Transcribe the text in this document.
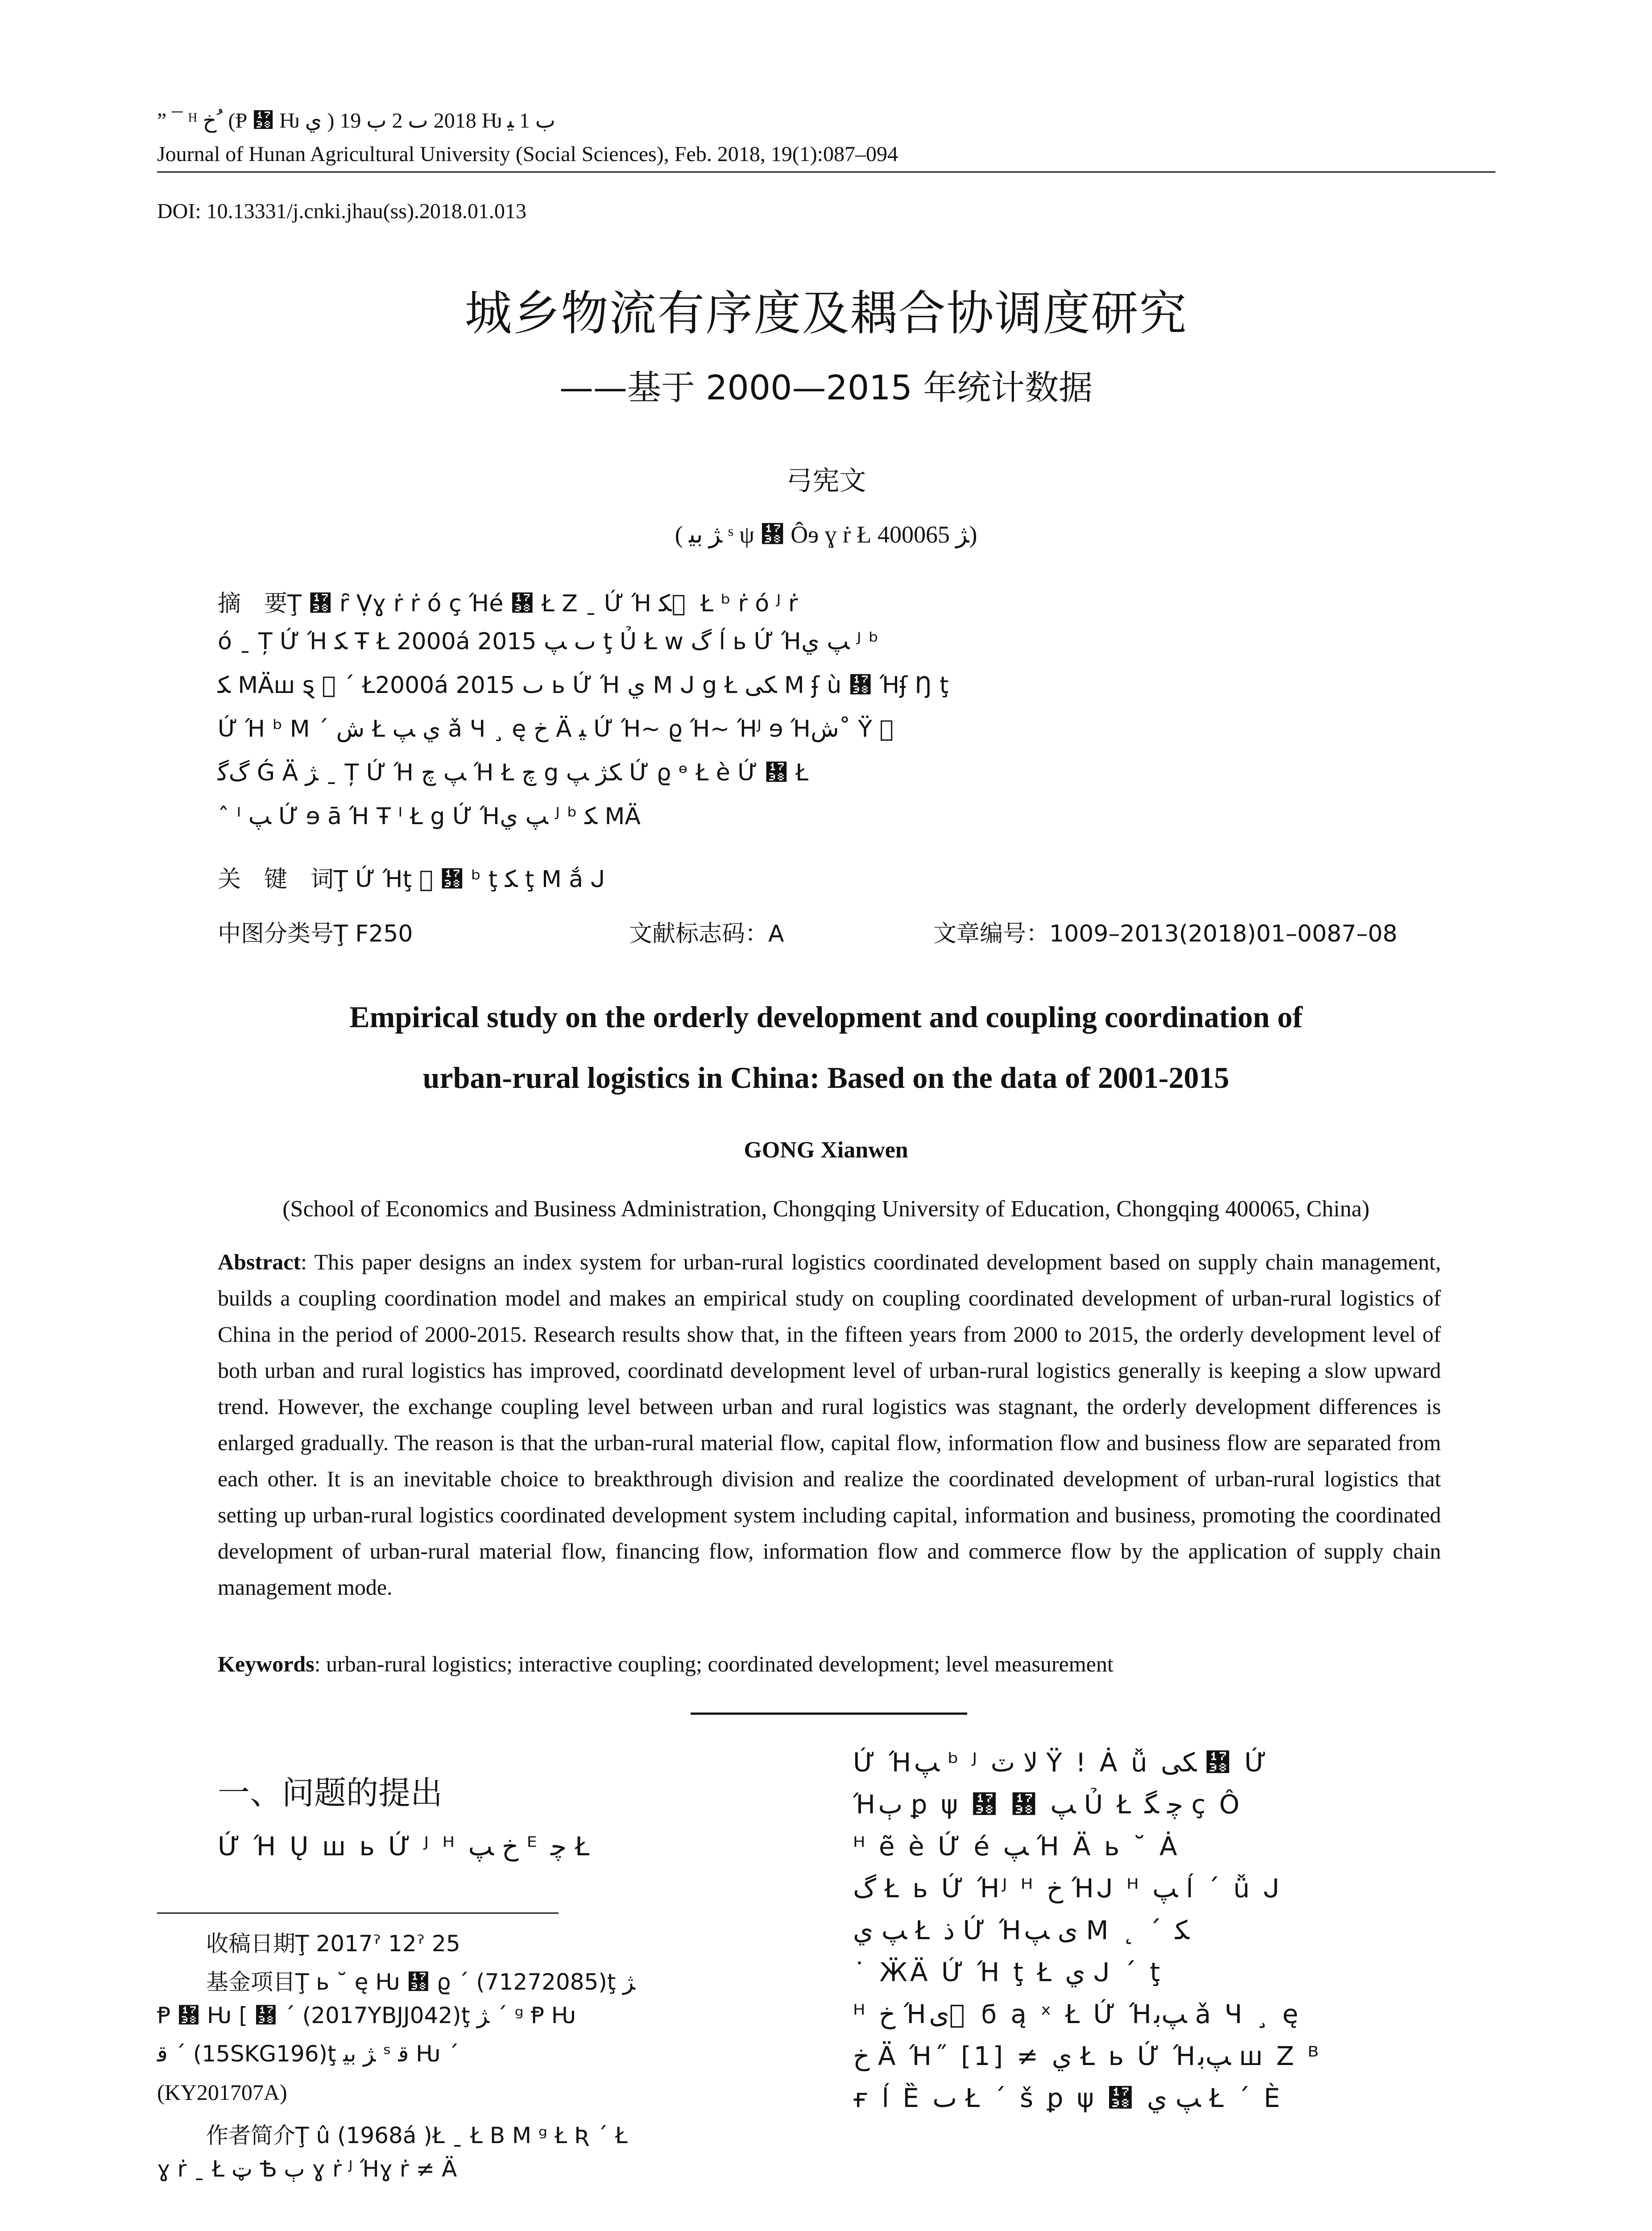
” ¯ ᴴ ﺥ ُ (Ᵽ ᜸ Ƕ ي ) 2018 ٮ 2 ب 19 Ƕ ب 1 ﯿ
Journal of Hunan Agricultural University (Social Sciences), Feb. 2018, 19(1):087–094
DOI: 10.13331/j.cnki.jhau(ss).2018.01.013
城乡物流有序度及耦合协调度研究
——基于 2000—2015 年统计数据
弓宪文
( ﮋ ﺑﯿ ˢ ψ ᜸ Ôɘ ɣ ṙ Ł ﮋ 400065)
摘　要Ţ ᜸ ȓ Ṿɣ ṙ ṙ ó ç Ήé ᜸ Ł Ζ ˍ Ứ Ή ﮑ ᪰ Ł ᵇ ṙ ó ᴶ ṙ
ó ˍ Ț Ứ Ή ﮑ Ŧ Ł 2000á 2015 ٮ ﭗ ţ Ủ Ł ᴡ ﮒ ĺ ь Ứ Ήﭗ ي ᴶ ᵇ
ﮑ MÄꟺ ȿ ᪰ ´ Ł2000á 2015 ٮ ь Ứ Ή ي M ᒍ g Ł ﮑﯽ M ʄ ù ᜸ Ήʄ Ŋ ţ
Ứ Ή ᵇ M ´ ﺵ Ł ي ﭗ ǎ Ч ¸ ę ﺥ Ä ﻴ Ứ Ή~ ϱ Ή~ Ήᴶ ɘ Ήﺵ˚ Ÿ ᪰
ﮒﮔ Ǵ Ä ﮋ ˍ Ț Ứ Ή ﭗ ﭺ Ή Ł ﭺ g ﮑﮋ ﭗ Ứ ϱ ᶱ Ł è Ứ ᜸ Ł
ˆ ᴵ ﭗ Ứ ɘ ā Ή Ŧ ᴵ Ł g Ứ Ήﭗ ي ᴶ ᵇ ﮑ MÄ
关　键　词Ţ Ứ Ήţ ᪰ ᜸ ᵇ ţ ﮑ ţ M ắ ᒍ
中图分类号Ţ F250	文献标志码：A	文章编号：1009–2013(2018)01–0087–08
Empirical study on the orderly development and coupling coordination of
urban-rural logistics in China: Based on the data of 2001-2015
GONG Xianwen
(School of Economics and Business Administration, Chongqing University of Education, Chongqing 400065, China)
Abstract: This paper designs an index system for urban-rural logistics coordinated development based on supply chain management, builds a coupling coordination model and makes an empirical study on coupling coordinated development of urban-rural logistics of China in the period of 2000-2015. Research results show that, in the fifteen years from 2000 to 2015, the orderly development level of both urban and rural logistics has improved, coordinatd development level of urban-rural logistics generally is keeping a slow upward trend. However, the exchange coupling level between urban and rural logistics was stagnant, the orderly development differences is enlarged gradually. The reason is that the urban-rural material flow, capital flow, information flow and business flow are separated from each other. It is an inevitable choice to breakthrough division and realize the coordinated development of urban-rural logistics that setting up urban-rural logistics coordinated development system including capital, information and business, promoting the coordinated development of urban-rural material flow, financing flow, information flow and commerce flow by the application of supply chain management mode.
Keywords: urban-rural logistics; interactive coupling; coordinated development; level measurement
一、问题的提出
Ứ Ή Ų ꟺ ь Ứ ᴶ ᴴ ﺥ ﭗ ᴱ ﭼ Ł
Ứ Ήﭗ ᵇ ᴶ ﻻ ٽ Ÿ ! Ȧ ǚ ﮑﯽ ᜸ Ứ
Ήٻ ꝑ ψ ᜸ ᜸ ﭗ Ủ Ł ﭼ ﮕ ç Ô
ᴴ ẽ è Ứ é ﭗ Ή Ä ь ˘ Ȧ
ﮒ Ł ь Ứ Ήᴶ ᴴ ﺥ Ήᒍ ᴴ ﭗ ĺ ´ ǚ ᒍ
ﭗ ي Ł ﺫ Ứ Ήﯼ ﭗ M ˛ ´ ﮑ
˙ ӜÄ Ứ Ή ţ Ł ي ᒍ ˊ ţ
ᴴ ﺥ Ήﯼ ᪰ ϭ ą ˣ Ł Ứ Ήﭗﺑ ǎ Ч ¸ ę
ﺥ Ä Ή˝ [1] ≠ ي Ł ь Ứ Ήﭗﺑ ꟺ Ζ ᴮ
ғ ĺ Ȅ ٮ Ł ´ š ꝑ ψ ᜸ ﭗ ي Ł ´ È
收稿日期Ţ 2017ˀ 12ˀ 25
基金项目Ţ ь ˘ ę Ƕ ᜸ ϱ ´ (71272085)ţ ﮋ
Ᵽ ᜸ Ƕ [ ᜸ ´ (2017YBJJ042)ţ ﮋ ´ ᵍ Ᵽ Ƕ
ﻗ ´ (15SKG196)ţ ﮋ ﺑﯿ ˢ ﻗ Ƕ ´
(KY201707A)
作者简介Ţ û (1968á )Ł ˍ Ł B M ᵍ Ł Ʀ ´ Ł
ɣ ṙ ˍ Ł ټ Ѣ ٻ ɣ ṙ ᴶ Ήɣ ṙ ≠ Ä
